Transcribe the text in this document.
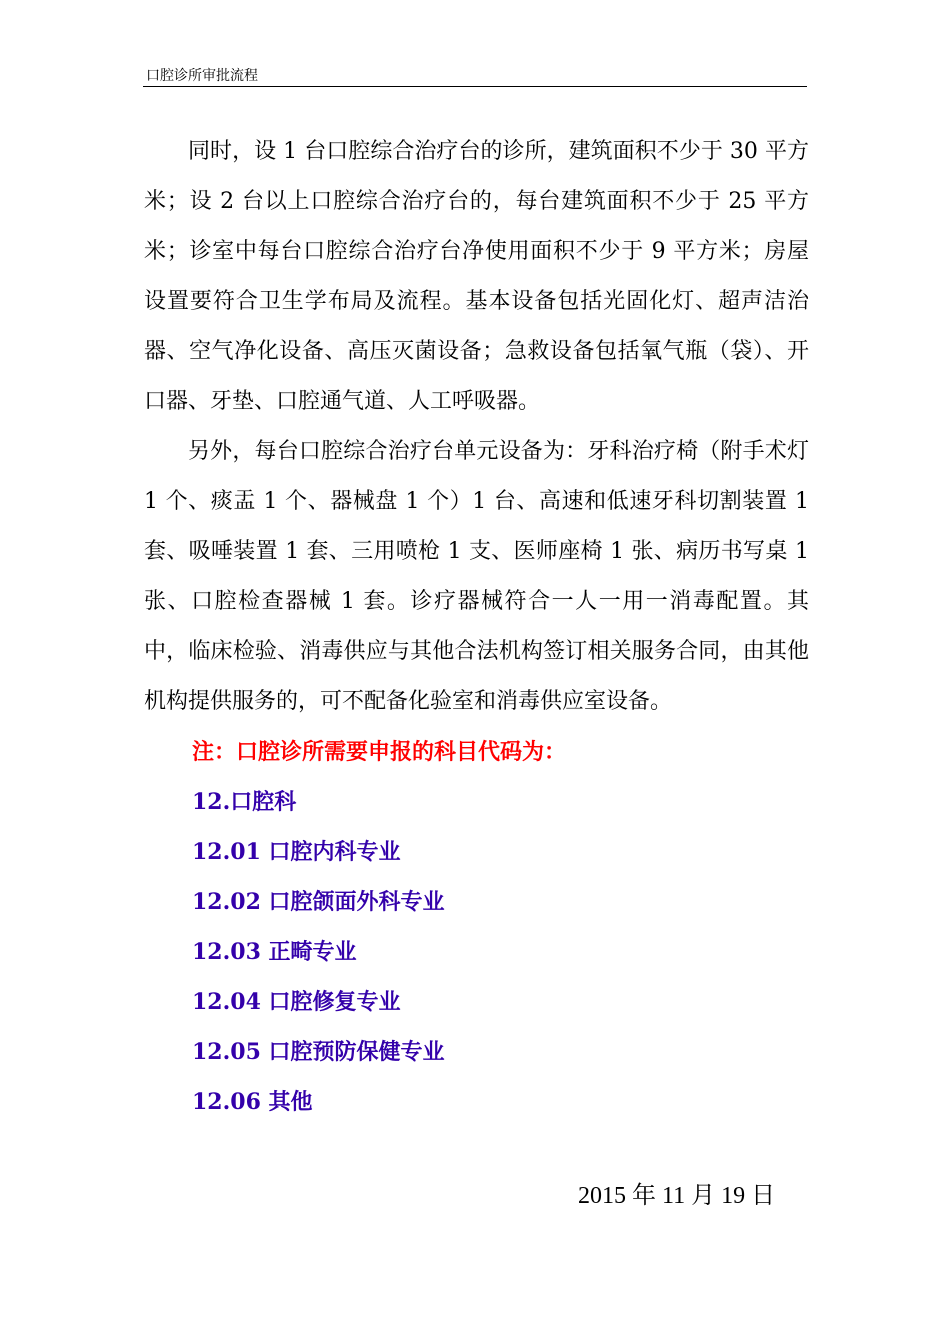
口腔诊所审批流程

同时，设 1 台口腔综合治疗台的诊所，建筑面积不少于 30 平方米；设 2 台以上口腔综合治疗台的，每台建筑面积不少于 25 平方米；诊室中每台口腔综合治疗台净使用面积不少于 9 平方米；房屋设置要符合卫生学布局及流程。基本设备包括光固化灯、超声洁治器、空气净化设备、高压灭菌设备；急救设备包括氧气瓶（袋）、开口器、牙垫、口腔通气道、人工呼吸器。

另外，每台口腔综合治疗台单元设备为：牙科治疗椅（附手术灯 1 个、痰盂 1 个、器械盘 1 个）1 台、高速和低速牙科切割装置 1 套、吸唾装置 1 套、三用喷枪 1 支、医师座椅 1 张、病历书写桌 1 张、口腔检查器械 1 套。诊疗器械符合一人一用一消毒配置。其中，临床检验、消毒供应与其他合法机构签订相关服务合同，由其他机构提供服务的，可不配备化验室和消毒供应室设备。

注：口腔诊所需要申报的科目代码为：

12.口腔科
12.01 口腔内科专业
12.02 口腔颌面外科专业
12.03 正畸专业
12.04 口腔修复专业
12.05 口腔预防保健专业
12.06 其他
2015 年 11 月 19 日
